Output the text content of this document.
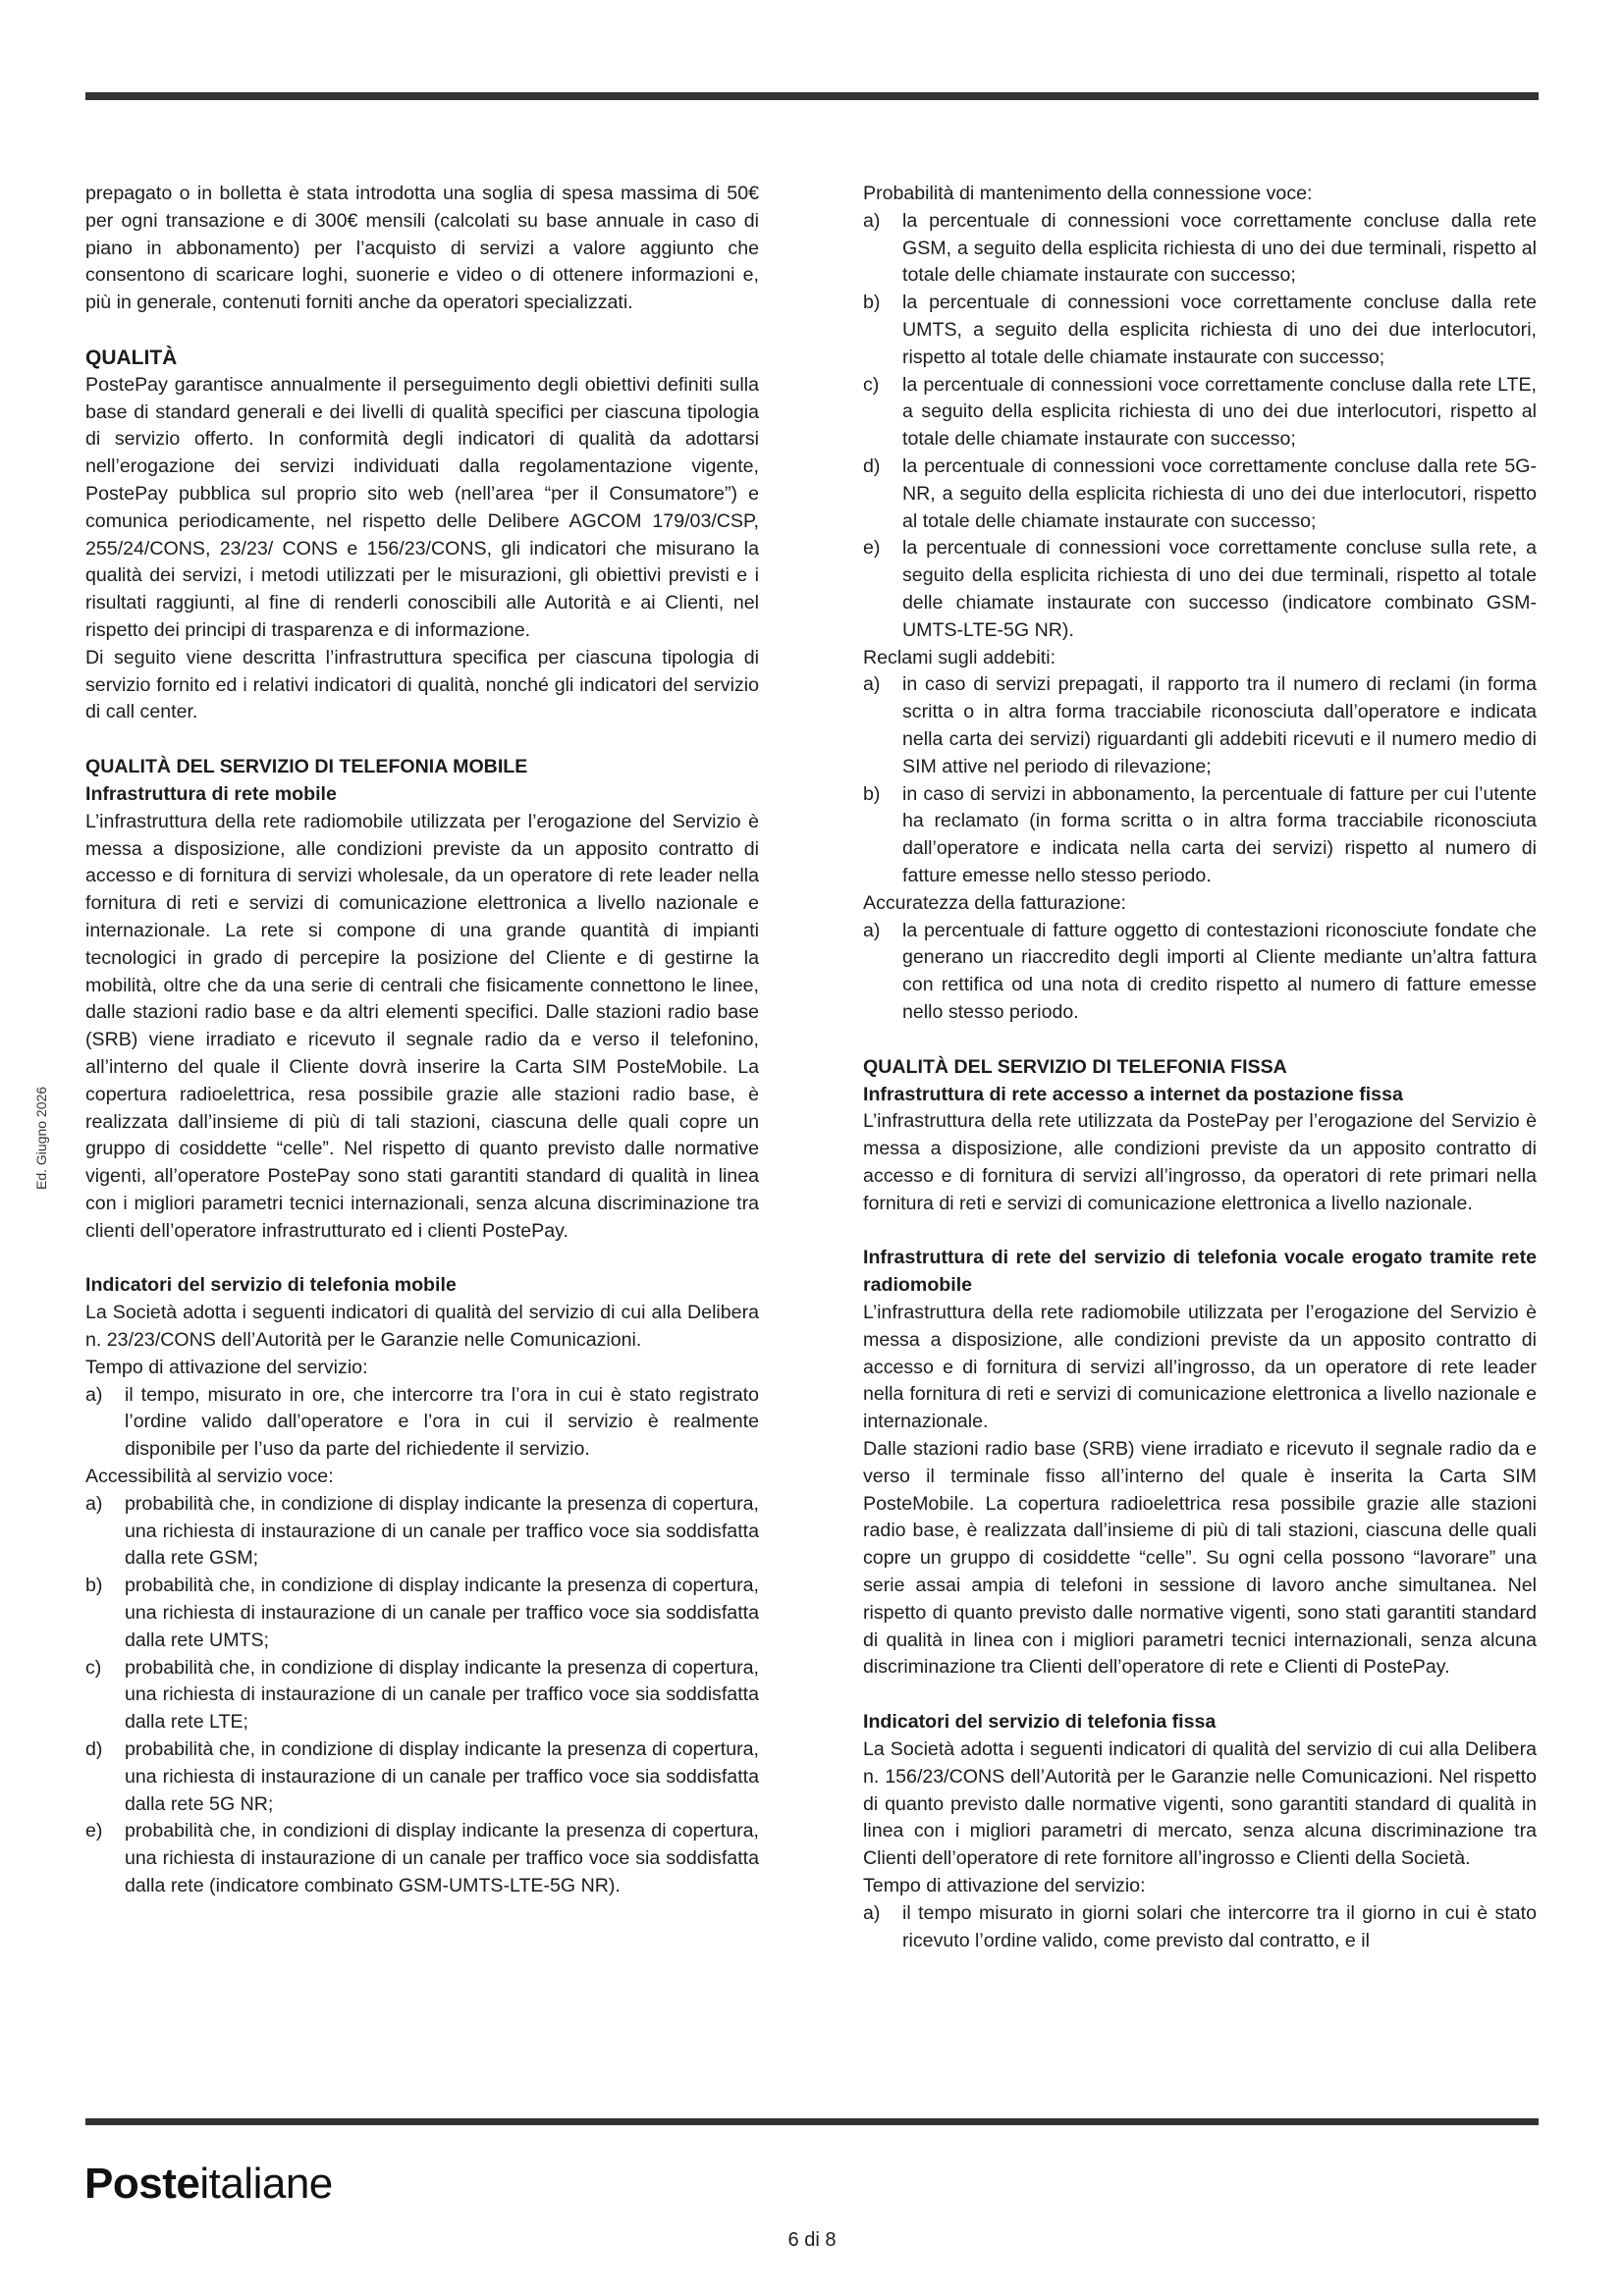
Ed. Giugno 2026

prepagato o in bolletta è stata introdotta una soglia di spesa massima di 50€ per ogni transazione e di 300€ mensili (calcolati su base annuale in caso di piano in abbonamento) per l’acquisto di servizi a valore aggiunto che consentono di scaricare loghi, suonerie e video o di ottenere informazioni e, più in generale, contenuti forniti anche da operatori specializzati.

QUALITÀ

PostePay garantisce annualmente il perseguimento degli obiettivi definiti sulla base di standard generali e dei livelli di qualità specifici per ciascuna tipologia di servizio offerto. In conformità degli indicatori di qualità da adottarsi nell’erogazione dei servizi individuati dalla regolamentazione vigente, PostePay pubblica sul proprio sito web (nell’area “per il Consumatore”) e comunica periodicamente, nel rispetto delle Delibere AGCOM 179/03/CSP, 255/24/CONS, 23/23/ CONS e 156/23/CONS, gli indicatori che misurano la qualità dei servizi, i metodi utilizzati per le misurazioni, gli obiettivi previsti e i risultati raggiunti, al fine di renderli conoscibili alle Autorità e ai Clienti, nel rispetto dei principi di trasparenza e di informazione.

Di seguito viene descritta l’infrastruttura specifica per ciascuna tipologia di servizio fornito ed i relativi indicatori di qualità, nonché gli indicatori del servizio di call center.

QUALITÀ DEL SERVIZIO DI TELEFONIA MOBILE

Infrastruttura di rete mobile

L’infrastruttura della rete radiomobile utilizzata per l’erogazione del Servizio è messa a disposizione, alle condizioni previste da un apposito contratto di accesso e di fornitura di servizi wholesale, da un operatore di rete leader nella fornitura di reti e servizi di comunicazione elettronica a livello nazionale e internazionale. La rete si compone di una grande quantità di impianti tecnologici in grado di percepire la posizione del Cliente e di gestirne la mobilità, oltre che da una serie di centrali che fisicamente connettono le linee, dalle stazioni radio base e da altri elementi specifici. Dalle stazioni radio base (SRB) viene irradiato e ricevuto il segnale radio da e verso il telefonino, all’interno del quale il Cliente dovrà inserire la Carta SIM PosteMobile. La copertura radioelettrica, resa possibile grazie alle stazioni radio base, è realizzata dall’insieme di più di tali stazioni, ciascuna delle quali copre un gruppo di cosiddette “celle”. Nel rispetto di quanto previsto dalle normative vigenti, all’operatore PostePay sono stati garantiti standard di qualità in linea con i migliori parametri tecnici internazionali, senza alcuna discriminazione tra clienti dell’operatore infrastrutturato ed i clienti PostePay.

Indicatori del servizio di telefonia mobile

La Società adotta i seguenti indicatori di qualità del servizio di cui alla Delibera n. 23/23/CONS dell’Autorità per le Garanzie nelle Comunicazioni.

Tempo di attivazione del servizio:

a) il tempo, misurato in ore, che intercorre tra l’ora in cui è stato registrato l’ordine valido dall’operatore e l’ora in cui il servizio è realmente disponibile per l’uso da parte del richiedente il servizio.

Accessibilità al servizio voce:

a) probabilità che, in condizione di display indicante la presenza di copertura, una richiesta di instaurazione di un canale per traffico voce sia soddisfatta dalla rete GSM;
b) probabilità che, in condizione di display indicante la presenza di copertura, una richiesta di instaurazione di un canale per traffico voce sia soddisfatta dalla rete UMTS;
c) probabilità che, in condizione di display indicante la presenza di copertura, una richiesta di instaurazione di un canale per traffico voce sia soddisfatta dalla rete LTE;
d) probabilità che, in condizione di display indicante la presenza di copertura, una richiesta di instaurazione di un canale per traffico voce sia soddisfatta dalla rete 5G NR;
e) probabilità che, in condizioni di display indicante la presenza di copertura, una richiesta di instaurazione di un canale per traffico voce sia soddisfatta dalla rete (indicatore combinato GSM-UMTS-LTE-5G NR).

Probabilità di mantenimento della connessione voce:

a) la percentuale di connessioni voce correttamente concluse dalla rete GSM, a seguito della esplicita richiesta di uno dei due terminali, rispetto al totale delle chiamate instaurate con successo;
b) la percentuale di connessioni voce correttamente concluse dalla rete UMTS, a seguito della esplicita richiesta di uno dei due interlocutori, rispetto al totale delle chiamate instaurate con successo;
c) la percentuale di connessioni voce correttamente concluse dalla rete LTE, a seguito della esplicita richiesta di uno dei due interlocutori, rispetto al totale delle chiamate instaurate con successo;
d) la percentuale di connessioni voce correttamente concluse dalla rete 5G-NR, a seguito della esplicita richiesta di uno dei due interlocutori, rispetto al totale delle chiamate instaurate con successo;
e) la percentuale di connessioni voce correttamente concluse sulla rete, a seguito della esplicita richiesta di uno dei due terminali, rispetto al totale delle chiamate instaurate con successo (indicatore combinato GSM-UMTS-LTE-5G NR).

Reclami sugli addebiti:

a) in caso di servizi prepagati, il rapporto tra il numero di reclami (in forma scritta o in altra forma tracciabile riconosciuta dall’operatore e indicata nella carta dei servizi) riguardanti gli addebiti ricevuti e il numero medio di SIM attive nel periodo di rilevazione;
b) in caso di servizi in abbonamento, la percentuale di fatture per cui l’utente ha reclamato (in forma scritta o in altra forma tracciabile riconosciuta dall’operatore e indicata nella carta dei servizi) rispetto al numero di fatture emesse nello stesso periodo.

Accuratezza della fatturazione:

a) la percentuale di fatture oggetto di contestazioni riconosciute fondate che generano un riaccredito degli importi al Cliente mediante un’altra fattura con rettifica od una nota di credito rispetto al numero di fatture emesse nello stesso periodo.

QUALITÀ DEL SERVIZIO DI TELEFONIA FISSA

Infrastruttura di rete accesso a internet da postazione fissa

L’infrastruttura della rete utilizzata da PostePay per l’erogazione del Servizio è messa a disposizione, alle condizioni previste da un apposito contratto di accesso e di fornitura di servizi all’ingrosso, da operatori di rete primari nella fornitura di reti e servizi di comunicazione elettronica a livello nazionale.

Infrastruttura di rete del servizio di telefonia vocale erogato tramite rete radiomobile

L’infrastruttura della rete radiomobile utilizzata per l’erogazione del Servizio è messa a disposizione, alle condizioni previste da un apposito contratto di accesso e di fornitura di servizi all’ingrosso, da un operatore di rete leader nella fornitura di reti e servizi di comunicazione elettronica a livello nazionale e internazionale.

Dalle stazioni radio base (SRB) viene irradiato e ricevuto il segnale radio da e verso il terminale fisso all’interno del quale è inserita la Carta SIM PosteMobile. La copertura radioelettrica resa possibile grazie alle stazioni radio base, è realizzata dall’insieme di più di tali stazioni, ciascuna delle quali copre un gruppo di cosiddette “celle”. Su ogni cella possono “lavorare” una serie assai ampia di telefoni in sessione di lavoro anche simultanea. Nel rispetto di quanto previsto dalle normative vigenti, sono stati garantiti standard di qualità in linea con i migliori parametri tecnici internazionali, senza alcuna discriminazione tra Clienti dell’operatore di rete e Clienti di PostePay.

Indicatori del servizio di telefonia fissa

La Società adotta i seguenti indicatori di qualità del servizio di cui alla Delibera n. 156/23/CONS dell’Autorità per le Garanzie nelle Comunicazioni. Nel rispetto di quanto previsto dalle normative vigenti, sono garantiti standard di qualità in linea con i migliori parametri di mercato, senza alcuna discriminazione tra Clienti dell’operatore di rete fornitore all’ingrosso e Clienti della Società.

Tempo di attivazione del servizio:

a) il tempo misurato in giorni solari che intercorre tra il giorno in cui è stato ricevuto l’ordine valido, come previsto dal contratto, e il
Posteitaliane
6 di 8
